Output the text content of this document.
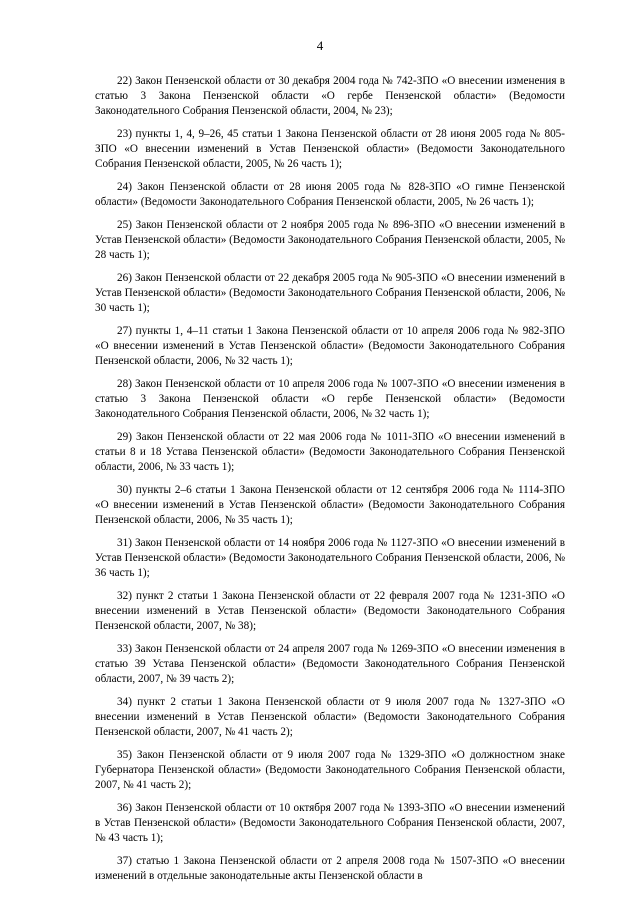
4

22) Закон Пензенской области от 30 декабря 2004 года № 742-ЗПО «О внесении изменения в статью 3 Закона Пензенской области «О гербе Пензенской области» (Ведомости Законодательного Собрания Пензенской области, 2004, № 23);

23) пункты 1, 4, 9–26, 45 статьи 1 Закона Пензенской области от 28 июня 2005 года № 805-ЗПО «О внесении изменений в Устав Пензенской области» (Ведомости Законодательного Собрания Пензенской области, 2005, № 26 часть 1);

24) Закон Пензенской области от 28 июня 2005 года № 828-ЗПО «О гимне Пензенской области» (Ведомости Законодательного Собрания Пензенской области, 2005, № 26 часть 1);

25) Закон Пензенской области от 2 ноября 2005 года № 896-ЗПО «О внесении изменений в Устав Пензенской области» (Ведомости Законодательного Собрания Пензенской области, 2005, № 28 часть 1);

26) Закон Пензенской области от 22 декабря 2005 года № 905-ЗПО «О внесении изменений в Устав Пензенской области» (Ведомости Законодательного Собрания Пензенской области, 2006, № 30 часть 1);

27) пункты 1, 4–11 статьи 1 Закона Пензенской области от 10 апреля 2006 года № 982-ЗПО «О внесении изменений в Устав Пензенской области» (Ведомости Законодательного Собрания Пензенской области, 2006, № 32 часть 1);

28) Закон Пензенской области от 10 апреля 2006 года № 1007-ЗПО «О внесении изменения в статью 3 Закона Пензенской области «О гербе Пензенской области» (Ведомости Законодательного Собрания Пензенской области, 2006, № 32 часть 1);

29) Закон Пензенской области от 22 мая 2006 года № 1011-ЗПО «О внесении изменений в статьи 8 и 18 Устава Пензенской области» (Ведомости Законодательного Собрания Пензенской области, 2006, № 33 часть 1);

30) пункты 2–6 статьи 1 Закона Пензенской области от 12 сентября 2006 года № 1114-ЗПО «О внесении изменений в Устав Пензенской области» (Ведомости Законодательного Собрания Пензенской области, 2006, № 35 часть 1);

31) Закон Пензенской области от 14 ноября 2006 года № 1127-ЗПО «О внесении изменений в Устав Пензенской области» (Ведомости Законодательного Собрания Пензенской области, 2006, № 36 часть 1);

32) пункт 2 статьи 1 Закона Пензенской области от 22 февраля 2007 года № 1231-ЗПО «О внесении изменений в Устав Пензенской области» (Ведомости Законодательного Собрания Пензенской области, 2007, № 38);

33) Закон Пензенской области от 24 апреля 2007 года № 1269-ЗПО «О внесении изменения в статью 39 Устава Пензенской области» (Ведомости Законодательного Собрания Пензенской области, 2007, № 39 часть 2);

34) пункт 2 статьи 1 Закона Пензенской области от 9 июля 2007 года № 1327-ЗПО «О внесении изменений в Устав Пензенской области» (Ведомости Законодательного Собрания Пензенской области, 2007, № 41 часть 2);

35) Закон Пензенской области от 9 июля 2007 года № 1329-ЗПО «О должностном знаке Губернатора Пензенской области» (Ведомости Законодательного Собрания Пензенской области, 2007, № 41 часть 2);

36) Закон Пензенской области от 10 октября 2007 года № 1393-ЗПО «О внесении изменений в Устав Пензенской области» (Ведомости Законодательного Собрания Пензенской области, 2007, № 43 часть 1);

37) статью 1 Закона Пензенской области от 2 апреля 2008 года № 1507-ЗПО «О внесении изменений в отдельные законодательные акты Пензенской области в
